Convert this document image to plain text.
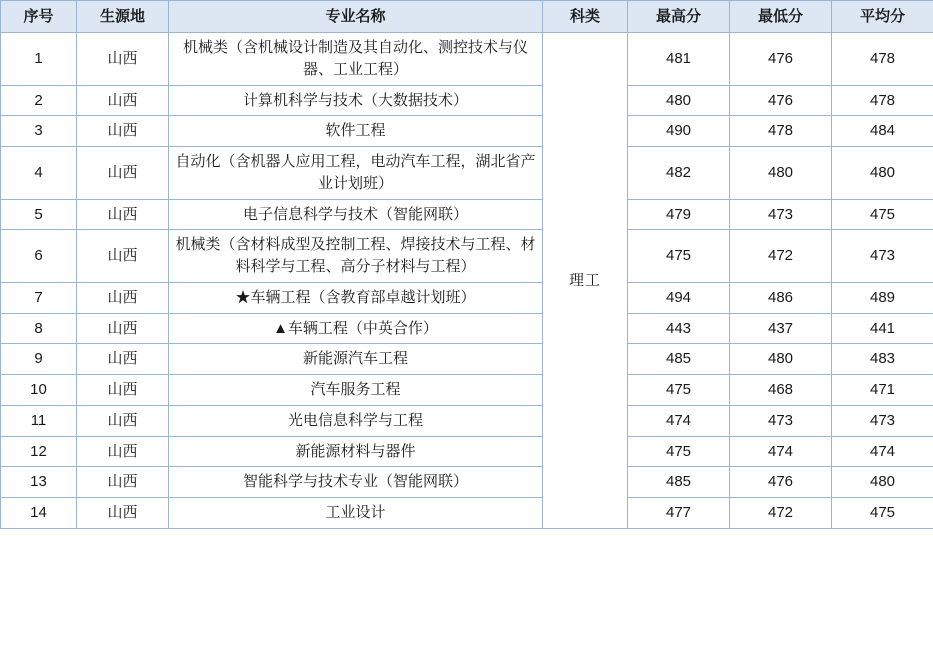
序号	生源地	专业名称	科类	最高分	最低分	平均分
1	山西	机械类（含机械设计制造及其自动化、测控技术与仪器、工业工程）	理工	481	476	478
2	山西	计算机科学与技术（大数据技术）		480	476	478
3	山西	软件工程		490	478	484
4	山西	自动化（含机器人应用工程，电动汽车工程，湖北省产业计划班）		482	480	480
5	山西	电子信息科学与技术（智能网联）		479	473	475
6	山西	机械类（含材料成型及控制工程、焊接技术与工程、材料科学与工程、高分子材料与工程）		475	472	473
7	山西	★车辆工程（含教育部卓越计划班）		494	486	489
8	山西	▲车辆工程（中英合作）		443	437	441
9	山西	新能源汽车工程		485	480	483
10	山西	汽车服务工程		475	468	471
11	山西	光电信息科学与工程		474	473	473
12	山西	新能源材料与器件		475	474	474
13	山西	智能科学与技术专业（智能网联）		485	476	480
14	山西	工业设计		477	472	475
